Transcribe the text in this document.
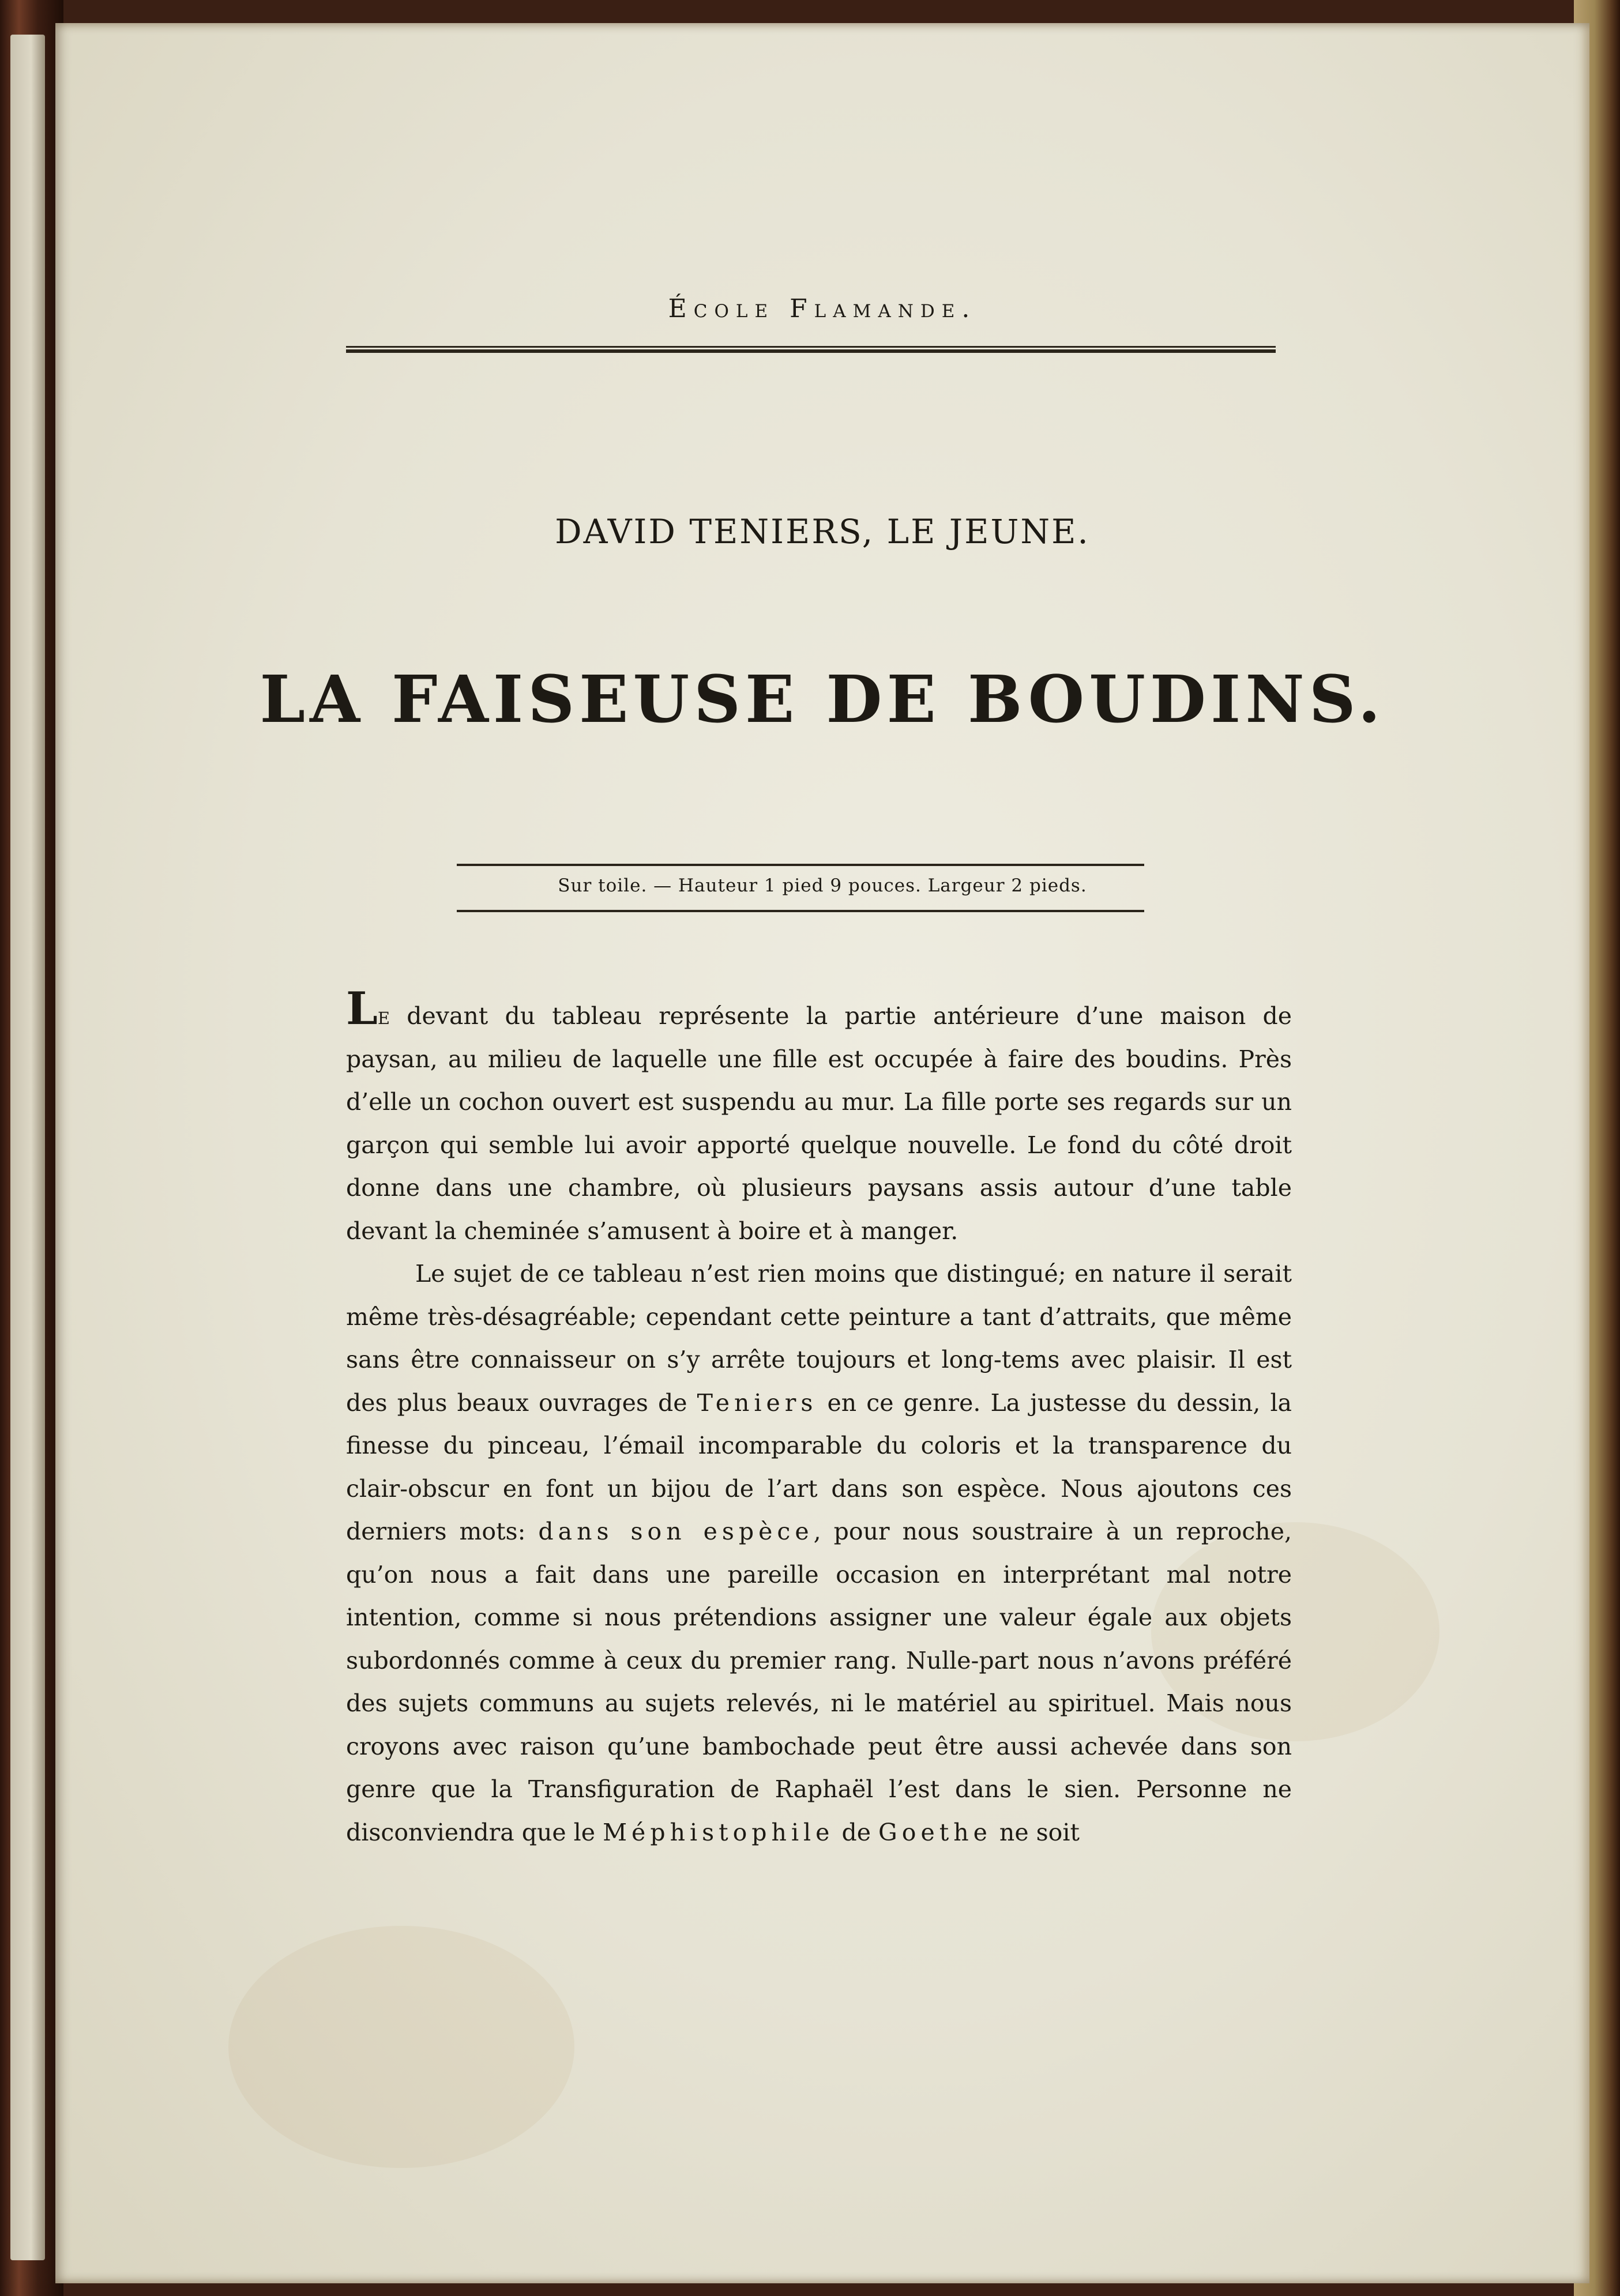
École Flamande.
DAVID TENIERS, LE JEUNE.
LA FAISEUSE DE BOUDINS.
Sur toile. — Hauteur 1 pied 9 pouces. Largeur 2 pieds.

Le devant du tableau représente la partie antérieure d’une maison de paysan, au milieu de laquelle une fille est occupée à faire des boudins. Près d’elle un cochon ouvert est suspendu au mur. La fille porte ses regards sur un garçon qui semble lui avoir apporté quelque nouvelle. Le fond du côté droit donne dans une chambre, où plusieurs paysans assis autour d’une table devant la cheminée s’amusent à boire et à manger.

Le sujet de ce tableau n’est rien moins que distingué; en nature il serait même très-désagréable; cependant cette peinture a tant d’attraits, que même sans être connaisseur on s’y arrête toujours et long-tems avec plaisir. Il est des plus beaux ouvrages de Teniers en ce genre. La justesse du dessin, la finesse du pinceau, l’émail incomparable du coloris et la transparence du clair-obscur en font un bijou de l’art dans son espèce. Nous ajoutons ces derniers mots: dans son espèce, pour nous soustraire à un reproche, qu’on nous a fait dans une pareille occasion en interprétant mal notre intention, comme si nous prétendions assigner une valeur égale aux objets subordonnés comme à ceux du premier rang. Nulle-part nous n’avons préféré des sujets communs au sujets relevés, ni le matériel au spirituel. Mais nous croyons avec raison qu’une bambochade peut être aussi achevée dans son genre que la Transfiguration de Raphaël l’est dans le sien. Personne ne disconviendra que le Méphistophile de Goethe ne soit
